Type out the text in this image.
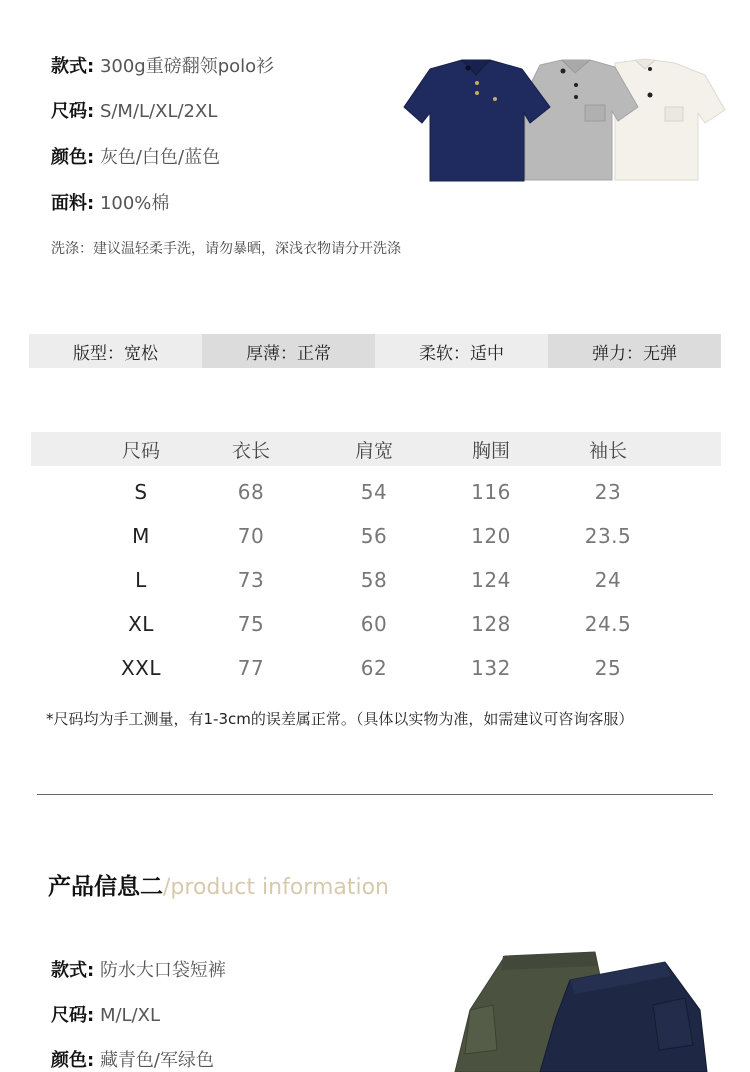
款式: 300g重磅翻领polo衫
尺码: S/M/L/XL/2XL
颜色: 灰色/白色/蓝色
面料: 100%棉
洗涤：建议温轻柔手洗，请勿暴晒，深浅衣物请分开洗涤
版型：宽松	厚薄：正常	柔软：适中	弹力：无弹
尺码	衣长	肩宽	胸围	袖长
S	68	54	116	23
M	70	56	120	23.5
L	73	58	124	24
XL	75	60	128	24.5
XXL	77	62	132	25
*尺码均为手工测量，有1-3cm的误差属正常。（具体以实物为准，如需建议可咨询客服）
产品信息二/product information
款式: 防水大口袋短裤
尺码: M/L/XL
颜色: 藏青色/军绿色
